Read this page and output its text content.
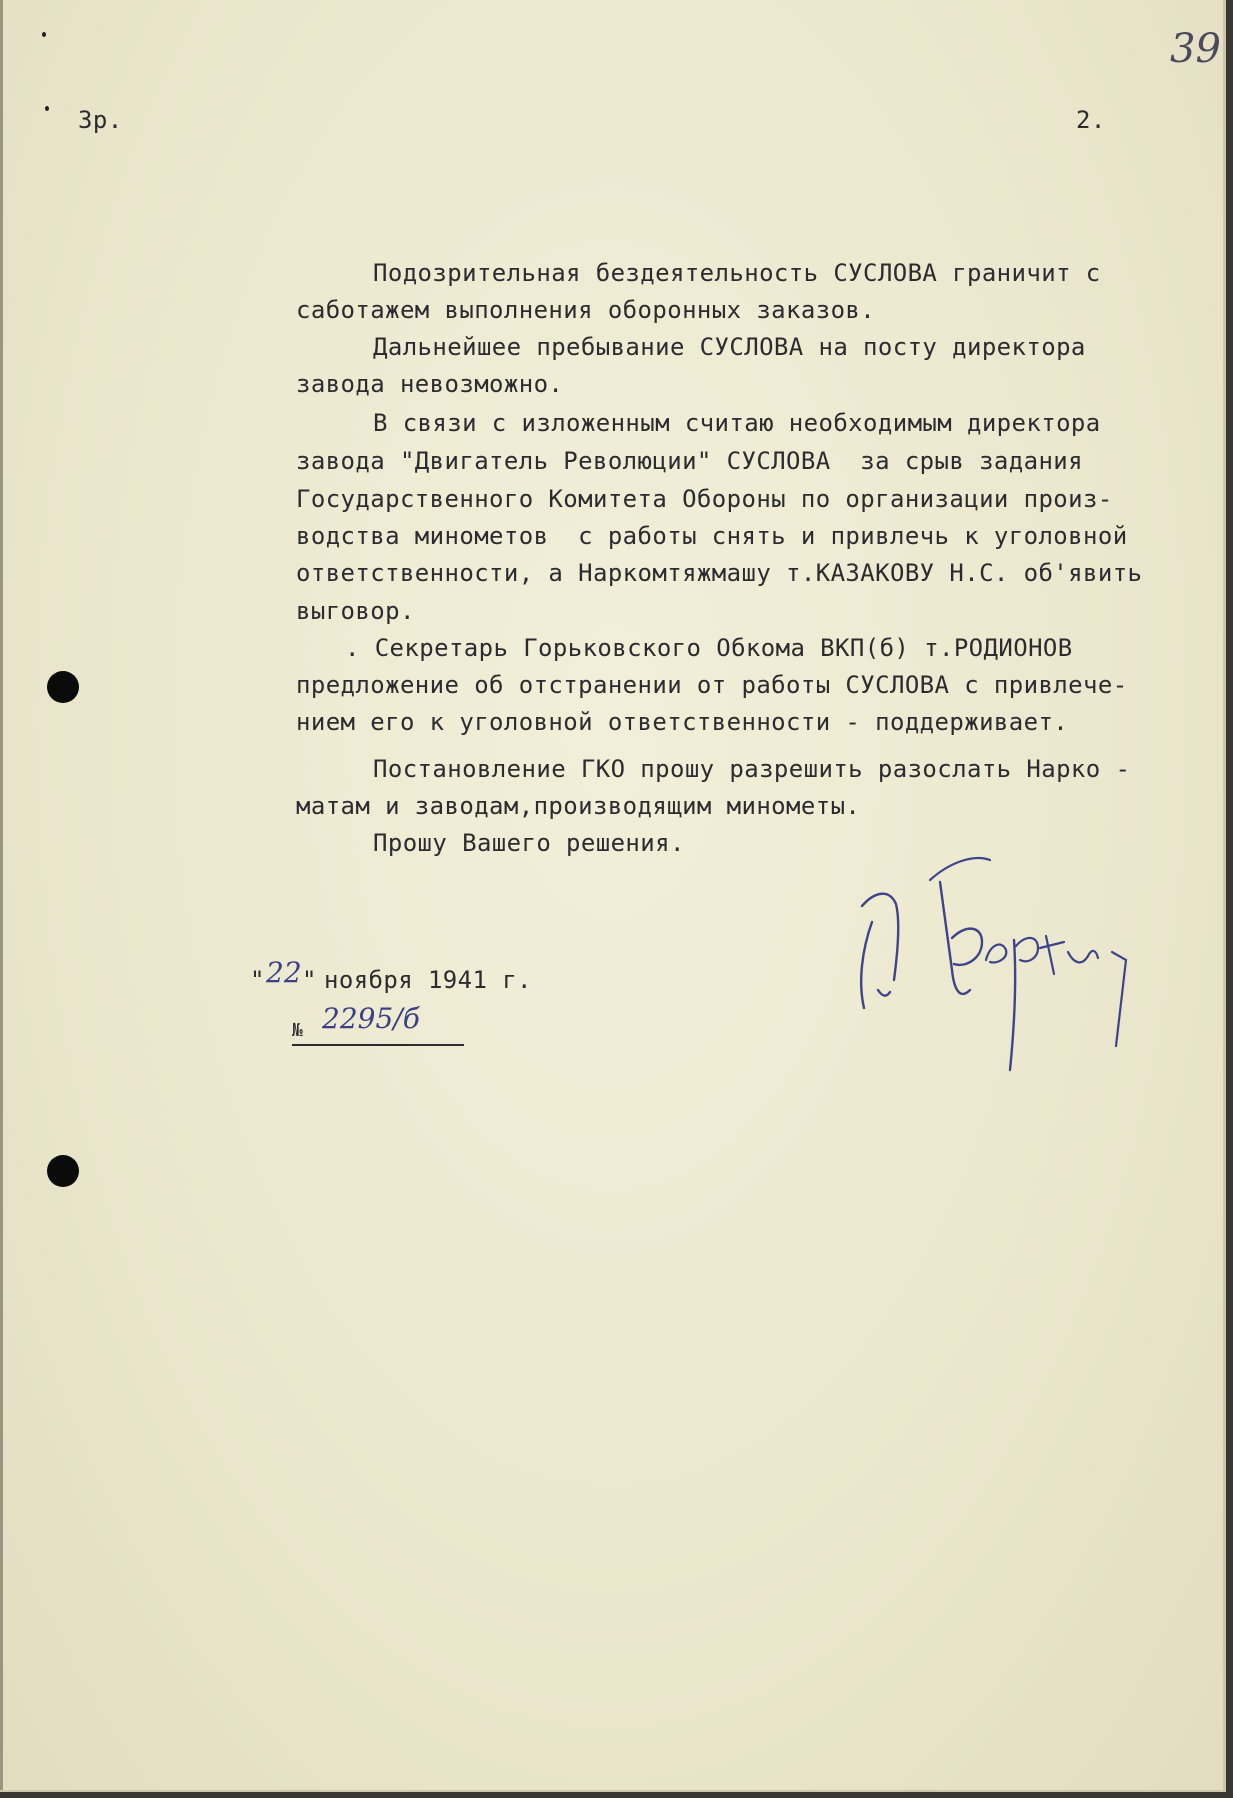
3р.	2.
39
Подозрительная бездеятельность СУСЛОВА граничит с
саботажем выполнения оборонных заказов.
Дальнейшее пребывание СУСЛОВА на посту директора
завода невозможно.
В связи с изложенным считаю необходимым директора
завода "Двигатель Революции" СУСЛОВА  за срыв задания
Государственного Комитета Обороны по организации произ-
водства минометов  с работы снять и привлечь к уголовной
ответственности, а Наркомтяжмашу т.КАЗАКОВУ Н.С. об'явить
выговор.
. Секретарь Горьковского Обкома ВКП(б) т.РОДИОНОВ
предложение об отстранении от работы СУСЛОВА с привлече-
нием его к уголовной ответственности - поддерживает.
Постановление ГКО прошу разрешить разослать Нарко -
матам и заводам,производящим минометы.
Прошу Вашего решения.
" 22 " ноября 1941 г.
№ 2295/б
